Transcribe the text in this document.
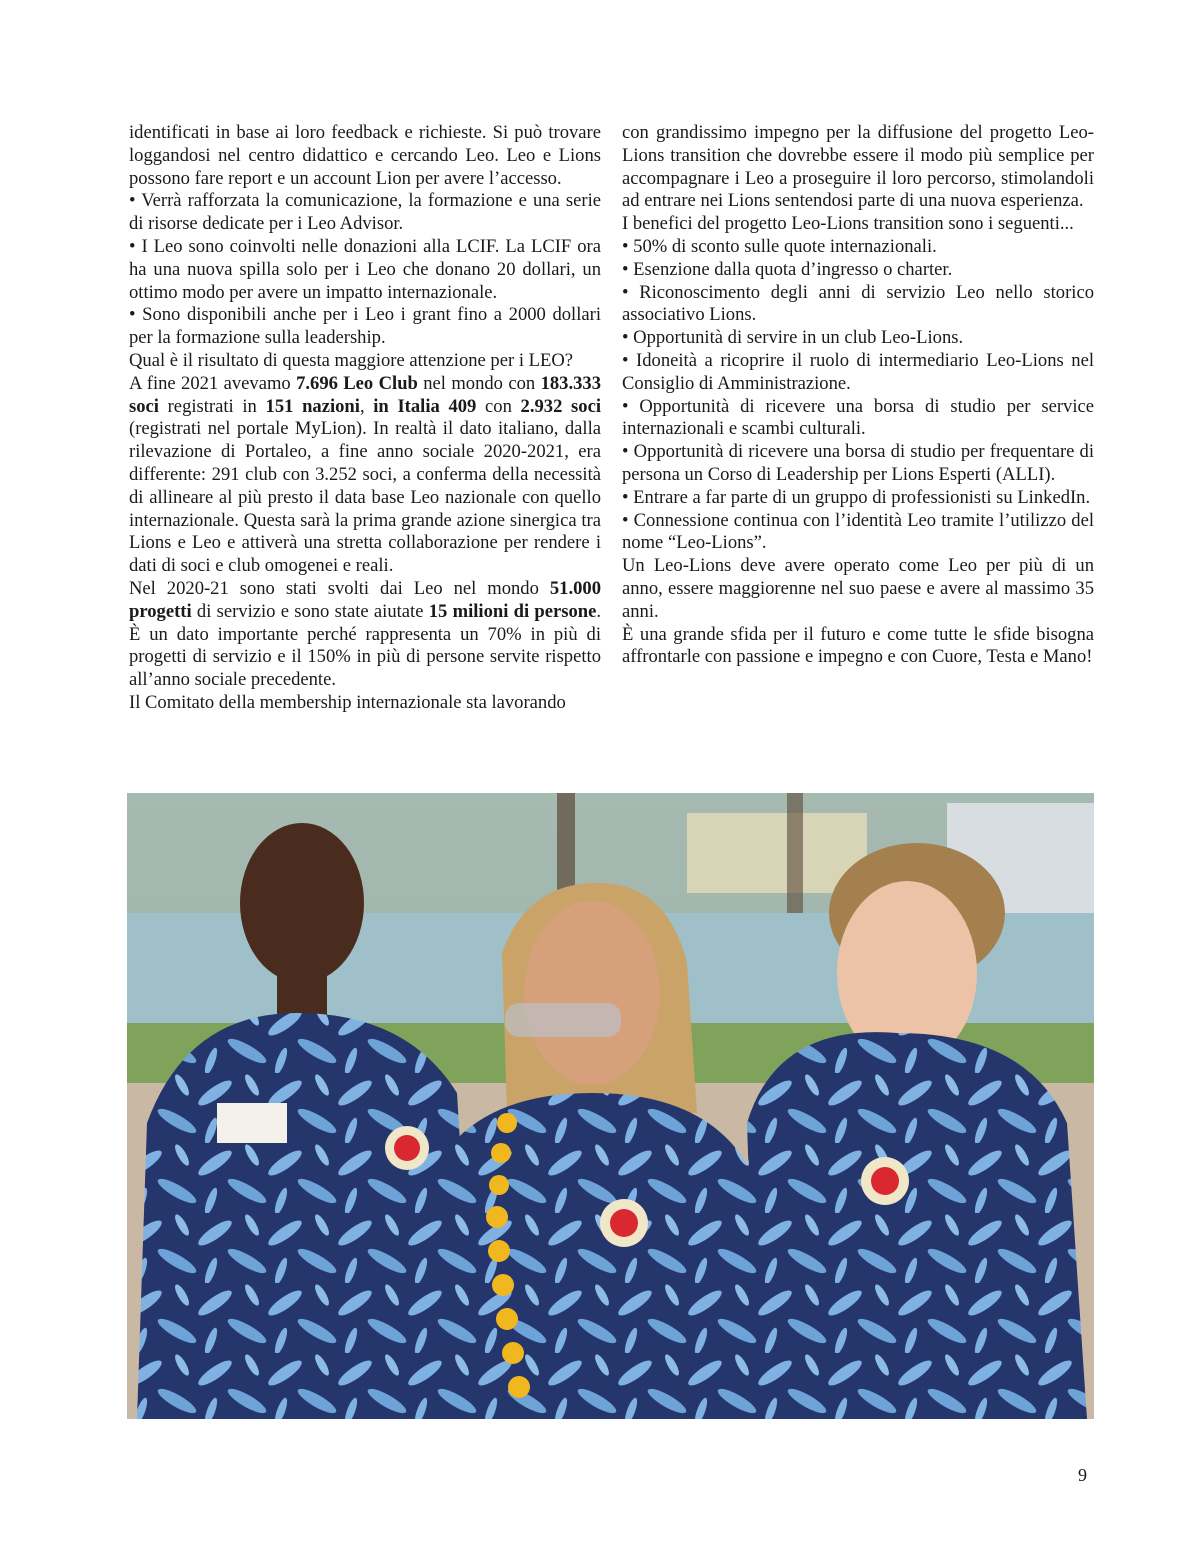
identificati in base ai loro feedback e richieste. Si può trovare loggandosi nel centro didattico e cercando Leo. Leo e Lions possono fare report e un account Lion per avere l’accesso.

• Verrà rafforzata la comunicazione, la formazione e una serie di risorse dedicate per i Leo Advisor.

• I Leo sono coinvolti nelle donazioni alla LCIF. La LCIF ora ha una nuova spilla solo per i Leo che donano 20 dollari, un ottimo modo per avere un impatto internazionale.

• Sono disponibili anche per i Leo i grant fino a 2000 dollari per la formazione sulla leadership.

Qual è il risultato di questa maggiore attenzione per i LEO?

A fine 2021 avevamo 7.696 Leo Club nel mondo con 183.333 soci registrati in 151 nazioni, in Italia 409 con 2.932 soci (registrati nel portale MyLion). In realtà il dato italiano, dalla rilevazione di Portaleo, a fine anno sociale 2020-2021, era differente: 291 club con 3.252 soci, a conferma della necessità di allineare al più presto il data base Leo nazionale con quello internazionale. Questa sarà la prima grande azione sinergica tra Lions e Leo e attiverà una stretta collaborazione per rendere i dati di soci e club omogenei e reali.

Nel 2020-21 sono stati svolti dai Leo nel mondo 51.000 progetti di servizio e sono state aiutate 15 milioni di persone. È un dato importante perché rappresenta un 70% in più di progetti di servizio e il 150% in più di persone servite rispetto all’anno sociale precedente.

Il Comitato della membership internazionale sta lavorando

con grandissimo impegno per la diffusione del progetto Leo-Lions transition che dovrebbe essere il modo più semplice per accompagnare i Leo a proseguire il loro percorso, stimolandoli ad entrare nei Lions sentendosi parte di una nuova esperienza.

I benefici del progetto Leo-Lions transition sono i seguenti...

• 50% di sconto sulle quote internazionali.

• Esenzione dalla quota d’ingresso o charter.

• Riconoscimento degli anni di servizio Leo nello storico associativo Lions.

• Opportunità di servire in un club Leo-Lions.

• Idoneità a ricoprire il ruolo di intermediario Leo-Lions nel Consiglio di Amministrazione.

• Opportunità di ricevere una borsa di studio per service internazionali e scambi culturali.

• Opportunità di ricevere una borsa di studio per frequentare di persona un Corso di Leadership per Lions Esperti (ALLI).

• Entrare a far parte di un gruppo di professionisti su LinkedIn.

• Connessione continua con l’identità Leo tramite l’utilizzo del nome “Leo-Lions”.

Un Leo-Lions deve avere operato come Leo per più di un anno, essere maggiorenne nel suo paese e avere al massimo 35 anni.

È una grande sfida per il futuro e come tutte le sfide bisogna affrontarle con passione e impegno e con Cuore, Testa e Mano!

9
